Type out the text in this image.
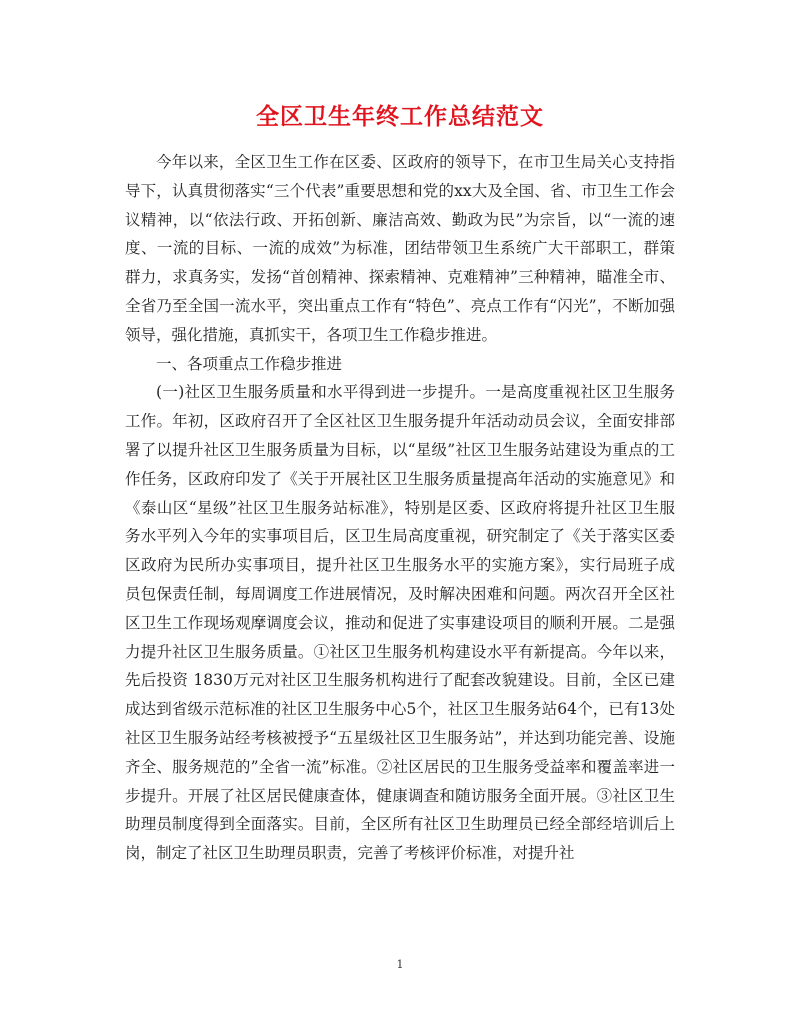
全区卫生年终工作总结范文

今年以来，全区卫生工作在区委、区政府的领导下，在市卫生局关心支持指导下，认真贯彻落实“三个代表”重要思想和党的xx大及全国、省、市卫生工作会议精神，以“依法行政、开拓创新、廉洁高效、勤政为民”为宗旨，以“一流的速度、一流的目标、一流的成效”为标准，团结带领卫生系统广大干部职工，群策群力，求真务实，发扬“首创精神、探索精神、克难精神”三种精神，瞄准全市、全省乃至全国一流水平，突出重点工作有“特色”、亮点工作有“闪光”，不断加强领导，强化措施，真抓实干，各项卫生工作稳步推进。

一、各项重点工作稳步推进

(一)社区卫生服务质量和水平得到进一步提升。一是高度重视社区卫生服务工作。年初，区政府召开了全区社区卫生服务提升年活动动员会议，全面安排部署了以提升社区卫生服务质量为目标，以“星级”社区卫生服务站建设为重点的工作任务，区政府印发了《关于开展社区卫生服务质量提高年活动的实施意见》和《泰山区“星级”社区卫生服务站标准》，特别是区委、区政府将提升社区卫生服务水平列入今年的实事项目后，区卫生局高度重视，研究制定了《关于落实区委区政府为民所办实事项目，提升社区卫生服务水平的实施方案》，实行局班子成员包保责任制，每周调度工作进展情况，及时解决困难和问题。两次召开全区社区卫生工作现场观摩调度会议，推动和促进了实事建设项目的顺利开展。二是强力提升社区卫生服务质量。①社区卫生服务机构建设水平有新提高。今年以来，先后投资 1830万元对社区卫生服务机构进行了配套改貌建设。目前，全区已建成达到省级示范标准的社区卫生服务中心5个，社区卫生服务站64个，已有13处社区卫生服务站经考核被授予“五星级社区卫生服务站”，并达到功能完善、设施齐全、服务规范的”全省一流”标准。②社区居民的卫生服务受益率和覆盖率进一步提升。开展了社区居民健康查体，健康调查和随访服务全面开展。③社区卫生助理员制度得到全面落实。目前，全区所有社区卫生助理员已经全部经培训后上岗，制定了社区卫生助理员职责，完善了考核评价标准，对提升社

1
